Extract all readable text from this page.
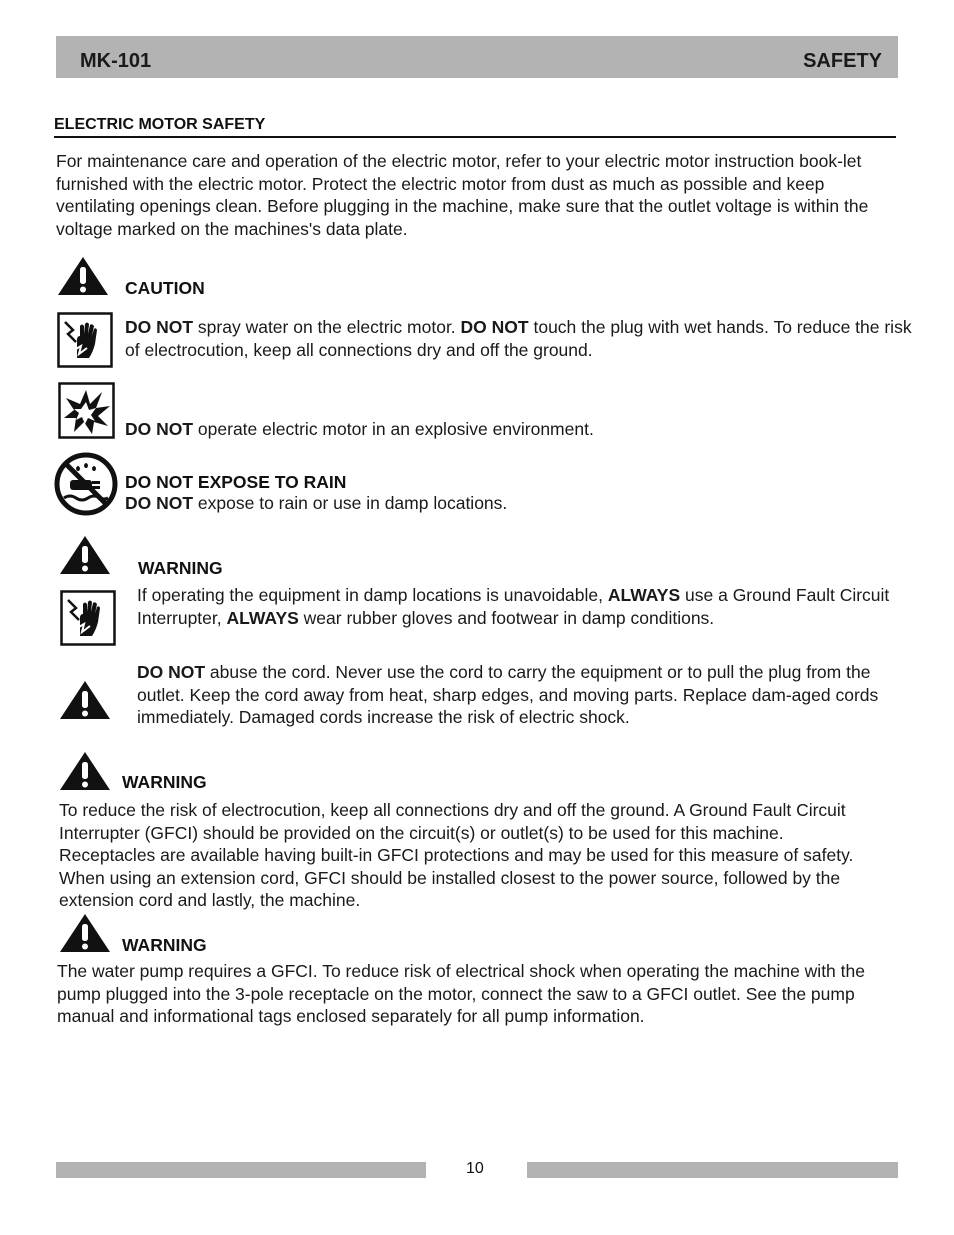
MK-101	SAFETY
ELECTRIC MOTOR SAFETY
For maintenance care and operation of the electric motor, refer to your electric motor instruction book-let furnished with the electric motor. Protect the electric motor from dust as much as possible and keep ventilating openings clean. Before plugging in the machine, make sure that the outlet voltage is within the voltage marked on the machines's data plate.
CAUTION
DO NOT spray water on the electric motor. DO NOT touch the plug with wet hands. To reduce the risk of electrocution, keep all connections dry and off the ground.
DO NOT operate electric motor in an explosive environment.
DO NOT EXPOSE TO RAIN
DO NOT expose to rain or use in damp locations.
WARNING
If operating the equipment in damp locations is unavoidable, ALWAYS use a Ground Fault Circuit Interrupter, ALWAYS wear rubber gloves and footwear in damp conditions.
DO NOT abuse the cord. Never use the cord to carry the equipment or to pull the plug from the outlet. Keep the cord away from heat, sharp edges, and moving parts. Replace dam-aged cords immediately. Damaged cords increase the risk of electric shock.
WARNING
To reduce the risk of electrocution, keep all connections dry and off the ground. A Ground Fault Circuit Interrupter (GFCI) should be provided on the circuit(s) or outlet(s) to be used for this machine. Receptacles are available having built-in GFCI protections and may be used for this measure of safety. When using an extension cord, GFCI should be installed closest to the power source, followed by the extension cord and lastly, the machine.
WARNING
The water pump requires a GFCI. To reduce risk of electrical shock when operating the machine with the pump plugged into the 3-pole receptacle on the motor, connect the saw to a GFCI outlet. See the pump manual and informational tags enclosed separately for all pump information.
10
